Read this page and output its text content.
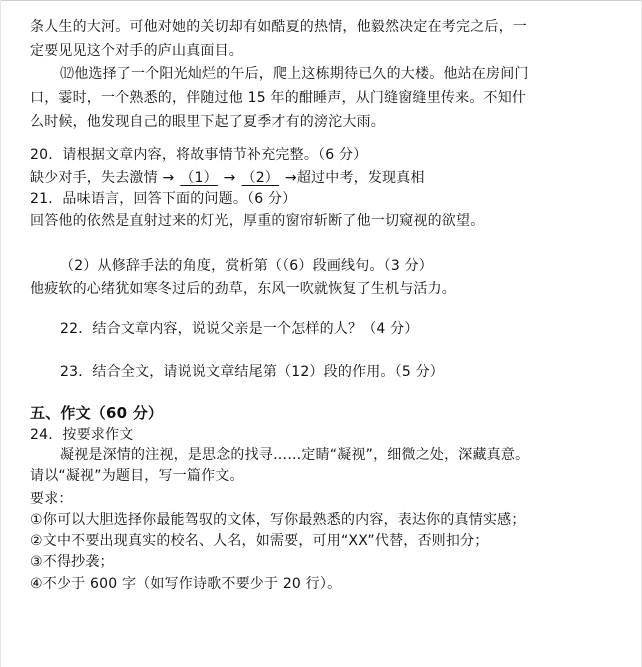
条人生的大河。可他对她的关切却有如酷夏的热情，他毅然决定在考完之后，一
定要见见这个对手的庐山真面目。
⑿他选择了一个阳光灿烂的午后，爬上这栋期待已久的大楼。他站在房间门
口，霎时，一个熟悉的，伴随过他 15 年的酣睡声，从门缝窗缝里传来。不知什
么时候，他发现自己的眼里下起了夏季才有的滂沱大雨。
20．请根据文章内容，将故事情节补充完整。（6 分）
缺少对手，失去激情 → （1） → （2） →超过中考，发现真相
21．品味语言，回答下面的问题。（6 分）
回答他的依然是直射过来的灯光，厚重的窗帘斩断了他一切窥视的欲望。
（2）从修辞手法的角度，赏析第（（6）段画线句。（3 分）
他疲软的心绪犹如寒冬过后的劲草，东风一吹就恢复了生机与活力。
22．结合文章内容，说说父亲是一个怎样的人？（4 分）
23．结合全文，请说说文章结尾第（12）段的作用。（5 分）
五、作文（60 分）
24．按要求作文
凝视是深情的注视，是思念的找寻……定睛“凝视”，细微之处，深藏真意。
请以“凝视”为题目，写一篇作文。
要求：
①你可以大胆选择你最能驾驭的文体，写你最熟悉的内容，表达你的真情实感；
②文中不要出现真实的校名、人名，如需要，可用“XX”代替，否则扣分；
③不得抄袭；
④不少于 600 字（如写作诗歌不要少于 20 行）。
